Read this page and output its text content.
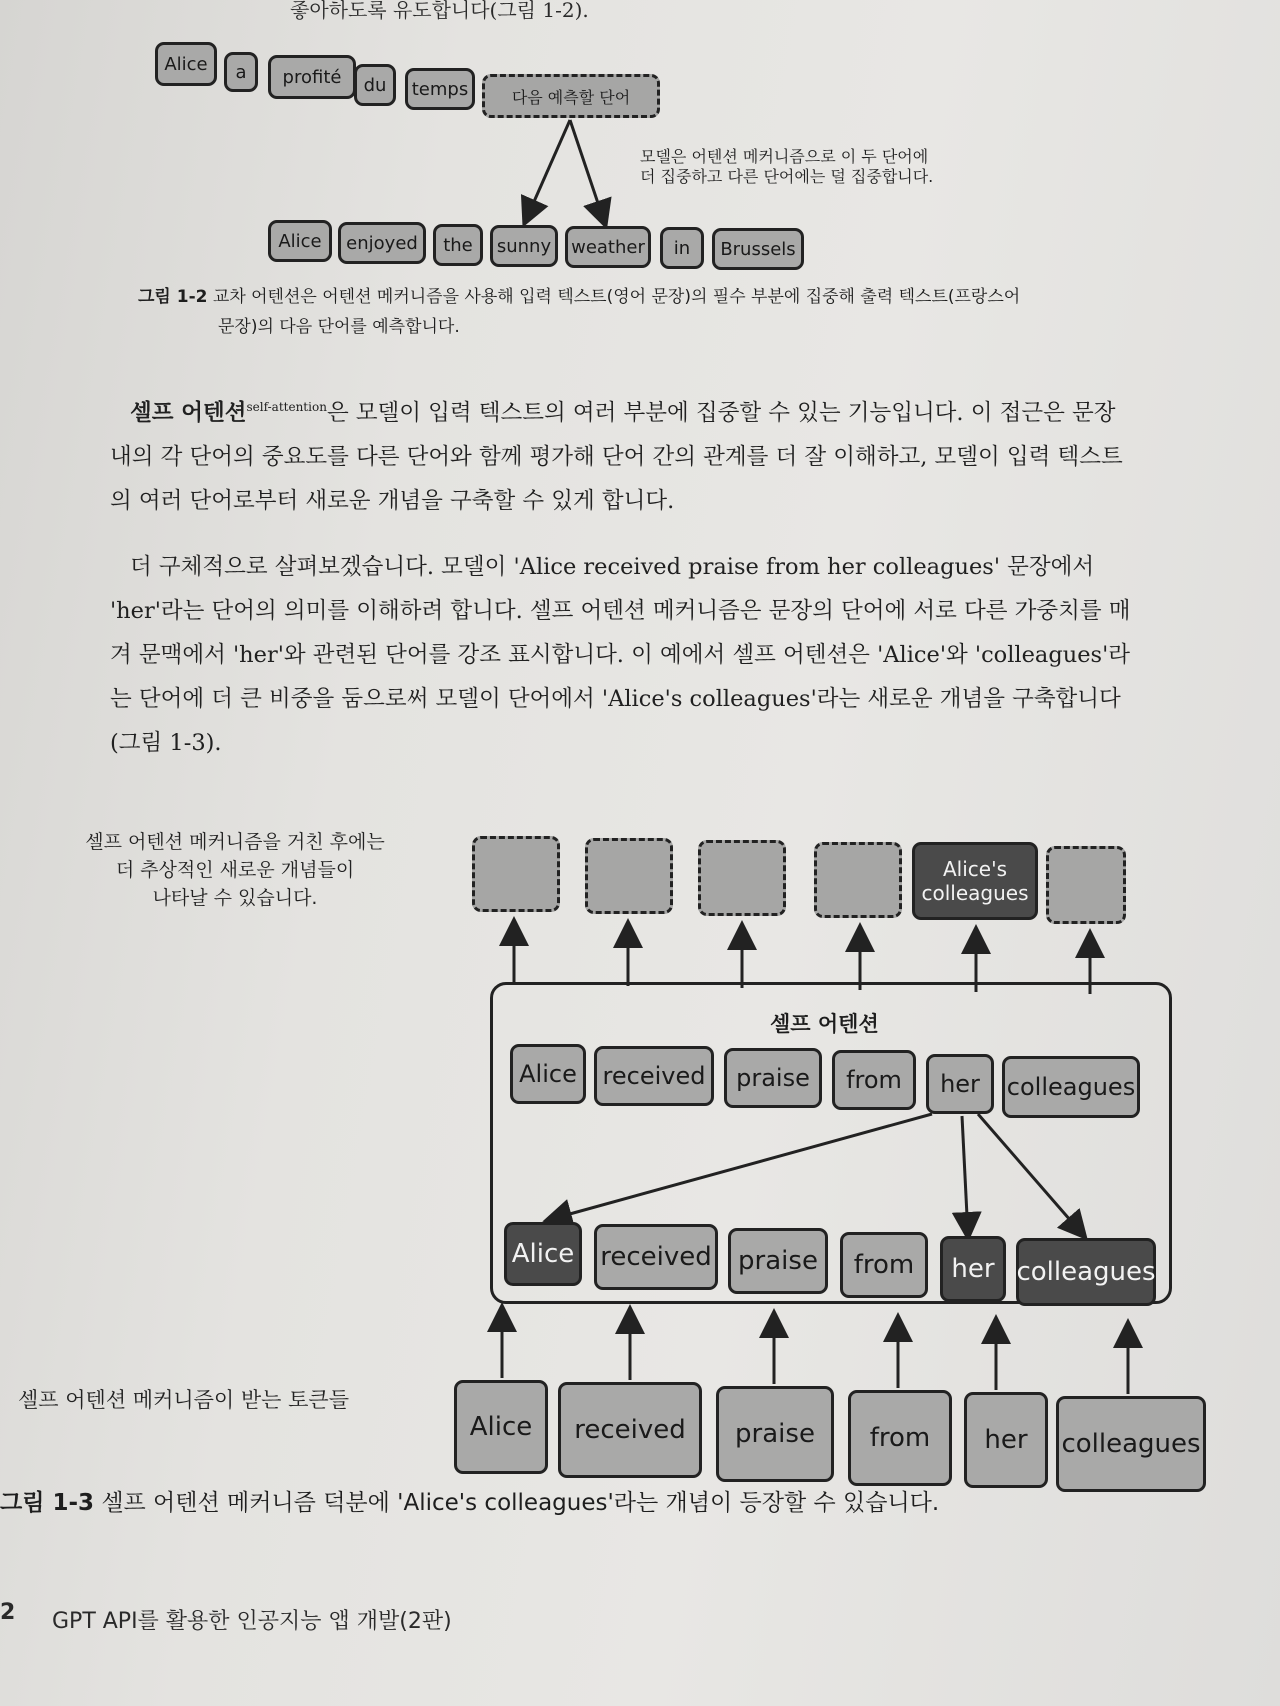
좋아하도록 유도합니다(그림 1-2).
Alice	a	profité	du	temps	다음 예측할 단어
모델은 어텐션 메커니즘으로 이 두 단어에
더 집중하고 다른 단어에는 덜 집중합니다.
Alice	enjoyed	the	sunny	weather	in	Brussels
그림 1-2 교차 어텐션은 어텐션 메커니즘을 사용해 입력 텍스트(영어 문장)의 필수 부분에 집중해 출력 텍스트(프랑스어
문장)의 다음 단어를 예측합니다.

셀프 어텐션$^{self-attention}$은 모델이 입력 텍스트의 여러 부분에 집중할 수 있는 기능입니다. 이 접근은 문장 내의 각 단어의 중요도를 다른 단어와 함께 평가해 단어 간의 관계를 더 잘 이해하고, 모델이 입력 텍스트의 여러 단어로부터 새로운 개념을 구축할 수 있게 합니다.

더 구체적으로 살펴보겠습니다. 모델이 'Alice received praise from her colleagues' 문장에서 'her'라는 단어의 의미를 이해하려 합니다. 셀프 어텐션 메커니즘은 문장의 단어에 서로 다른 가중치를 매겨 문맥에서 'her'와 관련된 단어를 강조 표시합니다. 이 예에서 셀프 어텐션은 'Alice'와 'colleagues'라는 단어에 더 큰 비중을 둠으로써 모델이 단어에서 'Alice's colleagues'라는 새로운 개념을 구축합니다(그림 1-3).

셀프 어텐션 메커니즘을 거친 후에는
더 추상적인 새로운 개념들이
나타날 수 있습니다.
Alice's colleagues
셀프 어텐션
Alice	received	praise	from	her	colleagues
Alice received	praise	from	her colleagues
Alice	received	praise	from	her	colleagues
셀프 어텐션 메커니즘이 받는 토큰들
그림 1-3 셀프 어텐션 메커니즘 덕분에 'Alice's colleagues'라는 개념이 등장할 수 있습니다.
2 GPT API를 활용한 인공지능 앱 개발(2판)
